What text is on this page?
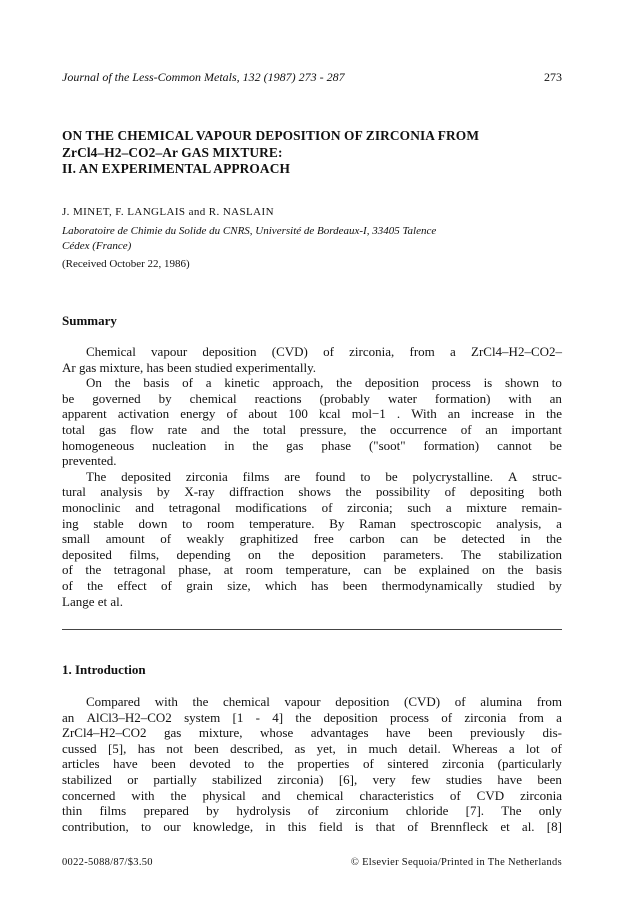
Journal of the Less-Common Metals, 132 (1987) 273 - 287	273
ON THE CHEMICAL VAPOUR DEPOSITION OF ZIRCONIA FROM
ZrCl4–H2–CO2–Ar GAS MIXTURE:
II. AN EXPERIMENTAL APPROACH
J. MINET, F. LANGLAIS and R. NASLAIN
Laboratoire de Chimie du Solide du CNRS, Université de Bordeaux-I, 33405 Talence
Cédex (France)
(Received October 22, 1986)
Summary
Chemical vapour deposition (CVD) of zirconia, from a ZrCl4–H2–CO2–
Ar gas mixture, has been studied experimentally.
On the basis of a kinetic approach, the deposition process is shown to
be governed by chemical reactions (probably water formation) with an
apparent activation energy of about 100 kcal mol−1 . With an increase in the
total gas flow rate and the total pressure, the occurrence of an important
homogeneous nucleation in the gas phase ("soot" formation) cannot be
prevented.
The deposited zirconia films are found to be polycrystalline. A struc-
tural analysis by X-ray diffraction shows the possibility of depositing both
monoclinic and tetragonal modifications of zirconia; such a mixture remain-
ing stable down to room temperature. By Raman spectroscopic analysis, a
small amount of weakly graphitized free carbon can be detected in the
deposited films, depending on the deposition parameters. The stabilization
of the tetragonal phase, at room temperature, can be explained on the basis
of the effect of grain size, which has been thermodynamically studied by
Lange et al.
1. Introduction
Compared with the chemical vapour deposition (CVD) of alumina from
an AlCl3–H2–CO2 system [1 - 4] the deposition process of zirconia from a
ZrCl4–H2–CO2 gas mixture, whose advantages have been previously dis-
cussed [5], has not been described, as yet, in much detail. Whereas a lot of
articles have been devoted to the properties of sintered zirconia (particularly
stabilized or partially stabilized zirconia) [6], very few studies have been
concerned with the physical and chemical characteristics of CVD zirconia
thin films prepared by hydrolysis of zirconium chloride [7]. The only
contribution, to our knowledge, in this field is that of Brennfleck et al. [8]
0022-5088/87/$3.50	© Elsevier Sequoia/Printed in The Netherlands
